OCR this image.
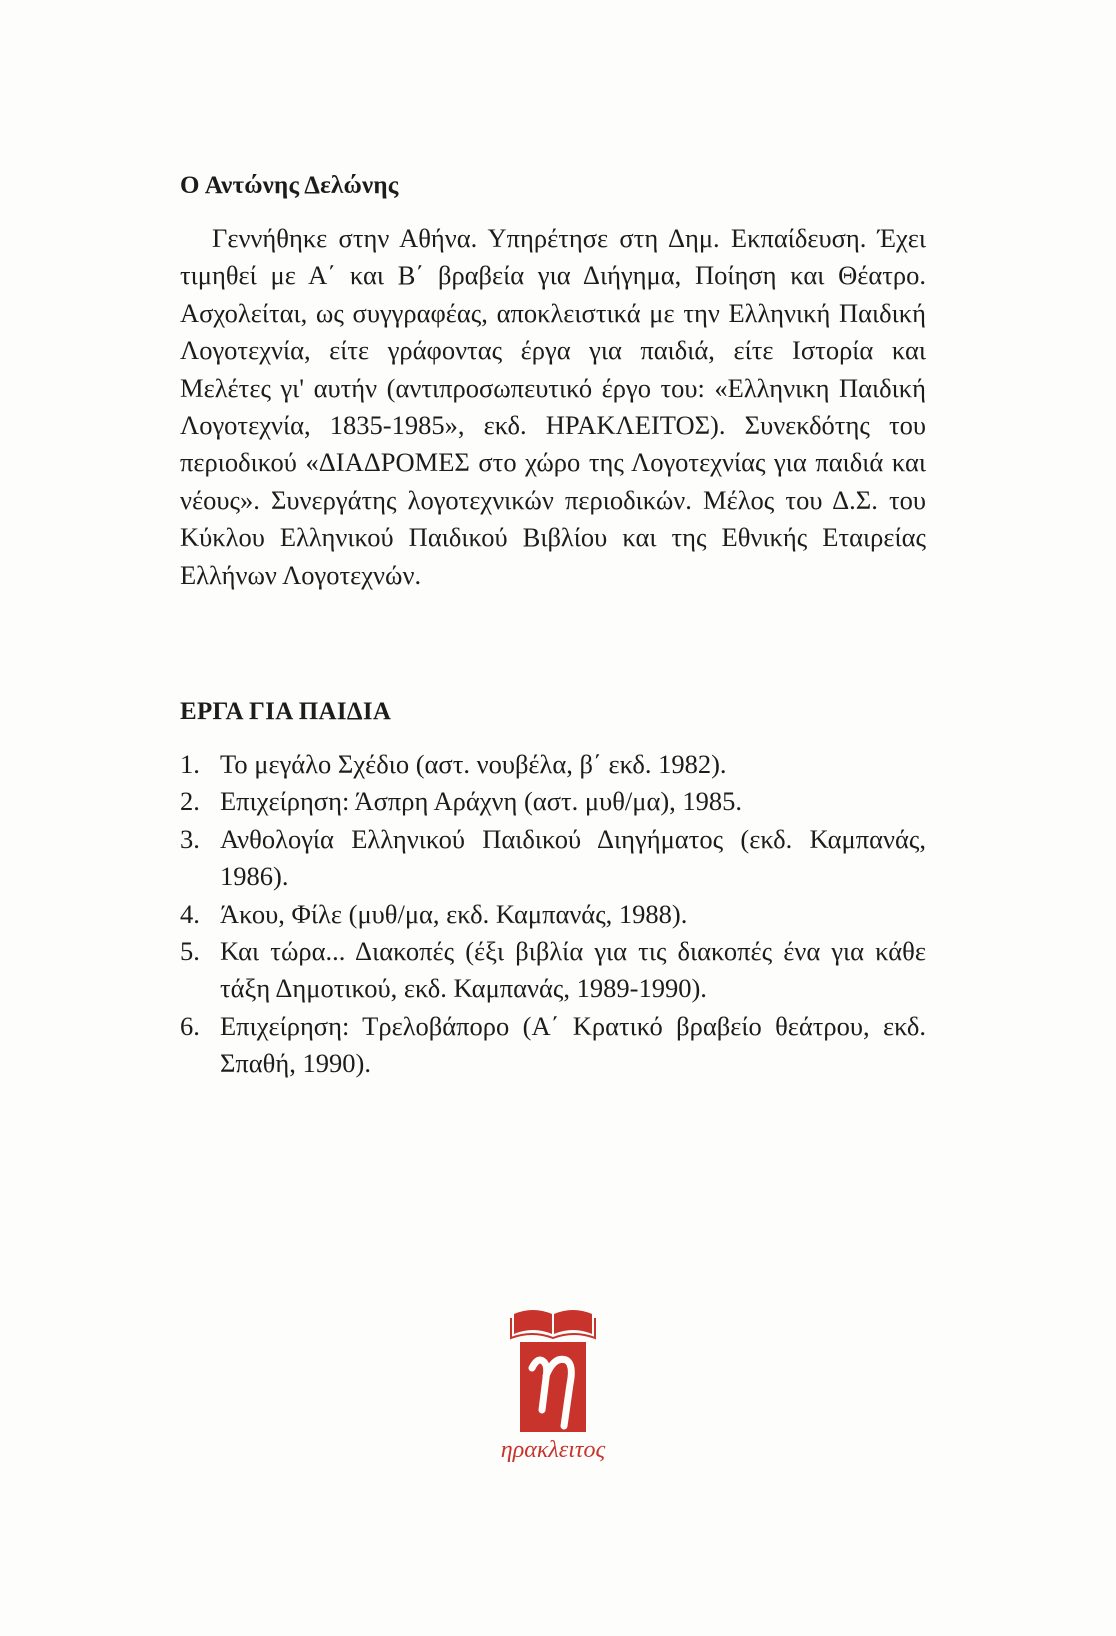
Ο Αντώνης Δελώνης

Γεννήθηκε στην Αθήνα. Υπηρέτησε στη Δημ. Εκπαίδευση. Έχει τιμηθεί με Α΄ και Β΄ βραβεία για Διήγημα, Ποίηση και Θέατρο. Ασχολείται, ως συγγραφέας, αποκλειστικά με την Ελληνική Παιδική Λογοτεχνία, είτε γράφοντας έργα για παιδιά, είτε Ιστορία και Μελέτες γι' αυτήν (αντιπροσωπευτικό έργο του: «Ελληνικη Παιδική Λογοτεχνία, 1835-1985», εκδ. ΗΡΑΚΛΕΙΤΟΣ). Συνεκδότης του περιοδικού «ΔΙΑΔΡΟΜΕΣ στο χώρο της Λογοτεχνίας για παιδιά και νέους». Συνεργάτης λογοτεχνικών περιοδικών. Μέλος του Δ.Σ. του Κύκλου Ελληνικού Παιδικού Βιβλίου και της Εθνικής Εταιρείας Ελλήνων Λογοτεχνών.

ΕΡΓΑ ΓΙΑ ΠΑΙΔΙΑ
1. Το μεγάλο Σχέδιο (αστ. νουβέλα, β΄ εκδ. 1982).
2. Επιχείρηση: Άσπρη Αράχνη (αστ. μυθ/μα), 1985.
3. Ανθολογία Ελληνικού Παιδικού Διηγήματος (εκδ. Καμπανάς, 1986).
4. Άκου, Φίλε (μυθ/μα, εκδ. Καμπανάς, 1988).
5. Και τώρα... Διακοπές (έξι βιβλία για τις διακοπές ένα για κάθε τάξη Δημοτικού, εκδ. Καμπανάς, 1989-1990).
6. Επιχείρηση: Τρελοβάπορο (Α΄ Κρατικό βραβείο θεάτρου, εκδ. Σπαθή, 1990).
ηρακλειτος
